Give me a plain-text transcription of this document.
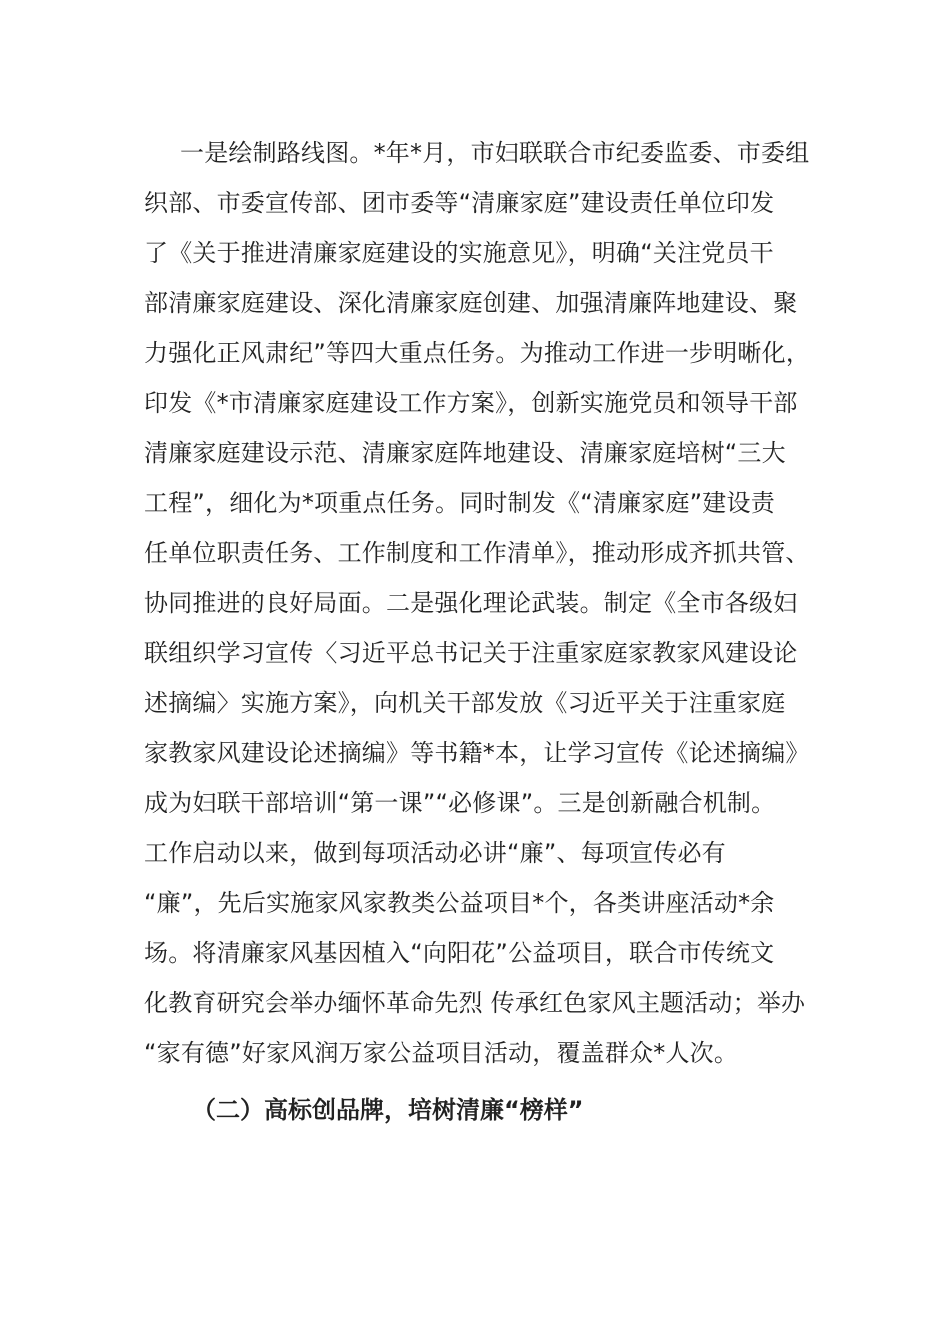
一是绘制路线图。*年*月，市妇联联合市纪委监委、市委组
织部、市委宣传部、团市委等“清廉家庭”建设责任单位印发
了《关于推进清廉家庭建设的实施意见》，明确“关注党员干
部清廉家庭建设、深化清廉家庭创建、加强清廉阵地建设、聚
力强化正风肃纪”等四大重点任务。为推动工作进一步明晰化，
印发《*市清廉家庭建设工作方案》，创新实施党员和领导干部
清廉家庭建设示范、清廉家庭阵地建设、清廉家庭培树“三大
工程”，细化为*项重点任务。同时制发《“清廉家庭”建设责
任单位职责任务、工作制度和工作清单》，推动形成齐抓共管、
协同推进的良好局面。二是强化理论武装。制定《全市各级妇
联组织学习宣传〈习近平总书记关于注重家庭家教家风建设论
述摘编〉实施方案》，向机关干部发放《习近平关于注重家庭
家教家风建设论述摘编》等书籍*本，让学习宣传《论述摘编》
成为妇联干部培训“第一课”“必修课”。三是创新融合机制。
工作启动以来，做到每项活动必讲“廉”、每项宣传必有
“廉”，先后实施家风家教类公益项目*个，各类讲座活动*余
场。将清廉家风基因植入“向阳花”公益项目，联合市传统文
化教育研究会举办缅怀革命先烈 传承红色家风主题活动；举办
“家有德”好家风润万家公益项目活动，覆盖群众*人次。
（二）高标创品牌，培树清廉“榜样”
